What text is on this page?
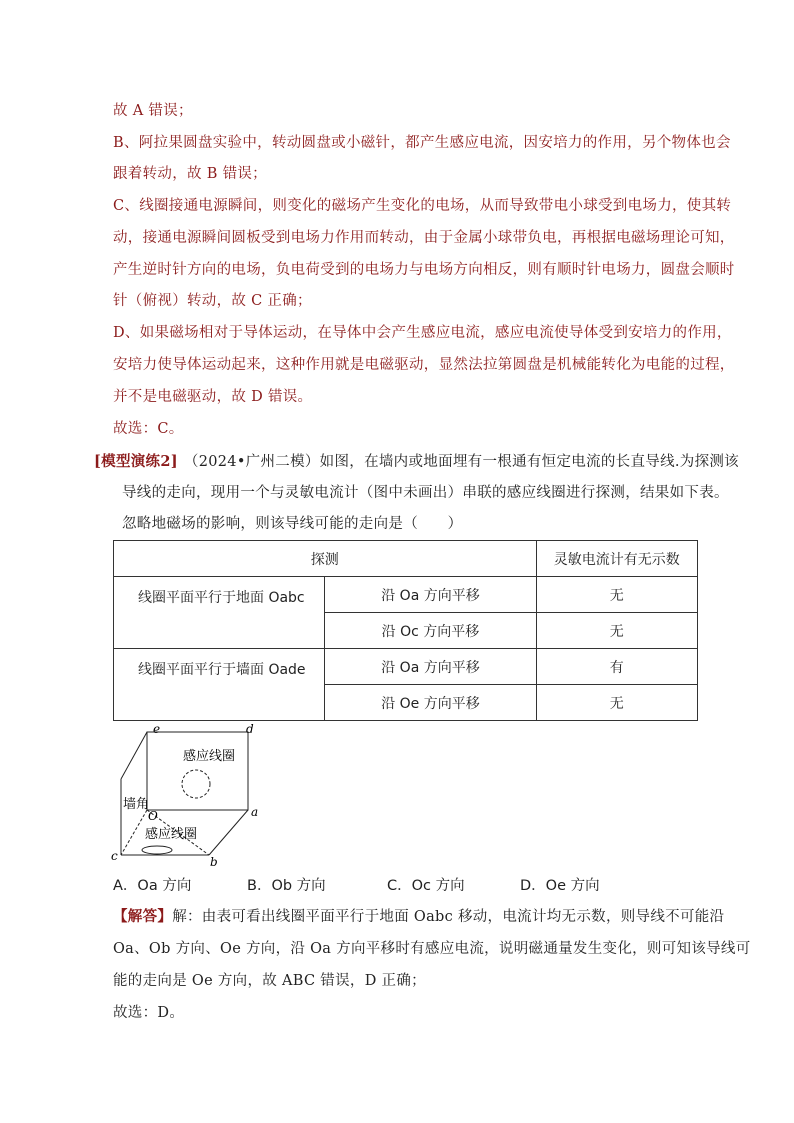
故 A 错误；
B、阿拉果圆盘实验中，转动圆盘或小磁针，都产生感应电流，因安培力的作用，另个物体也会
跟着转动，故 B 错误；
C、线圈接通电源瞬间，则变化的磁场产生变化的电场，从而导致带电小球受到电场力，使其转
动，接通电源瞬间圆板受到电场力作用而转动，由于金属小球带负电，再根据电磁场理论可知，
产生逆时针方向的电场，负电荷受到的电场力与电场方向相反，则有顺时针电场力，圆盘会顺时
针（俯视）转动，故 C 正确；
D、如果磁场相对于导体运动，在导体中会产生感应电流，感应电流使导体受到安培力的作用，
安培力使导体运动起来，这种作用就是电磁驱动，显然法拉第圆盘是机械能转化为电能的过程，
并不是电磁驱动，故 D 错误。
故选：C。
[模型演练2] （2024•广州二模）如图，在墙内或地面埋有一根通有恒定电流的长直导线.为探测该
导线的走向，现用一个与灵敏电流计（图中未画出）串联的感应线圈进行探测，结果如下表。
忽略地磁场的影响，则该导线可能的走向是（　　）
探测		灵敏电流计有无示数
线圈平面平行于地面 Oabc	沿 Oa 方向平移	无
	沿 Oc 方向平移	无
线圈平面平行于墙面 Oade	沿 Oa 方向平移	有
	沿 Oe 方向平移	无
e	d
a
b
c
O
感应线圈
感应线圈
墙角
A．Oa 方向	B．Ob 方向	C．Oc 方向	D．Oe 方向
【解答】解：由表可看出线圈平面平行于地面 Oabc 移动，电流计均无示数，则导线不可能沿
Oa、Ob 方向、Oe 方向，沿 Oa 方向平移时有感应电流，说明磁通量发生变化，则可知该导线可
能的走向是 Oe 方向，故 ABC 错误，D 正确；
故选：D。
